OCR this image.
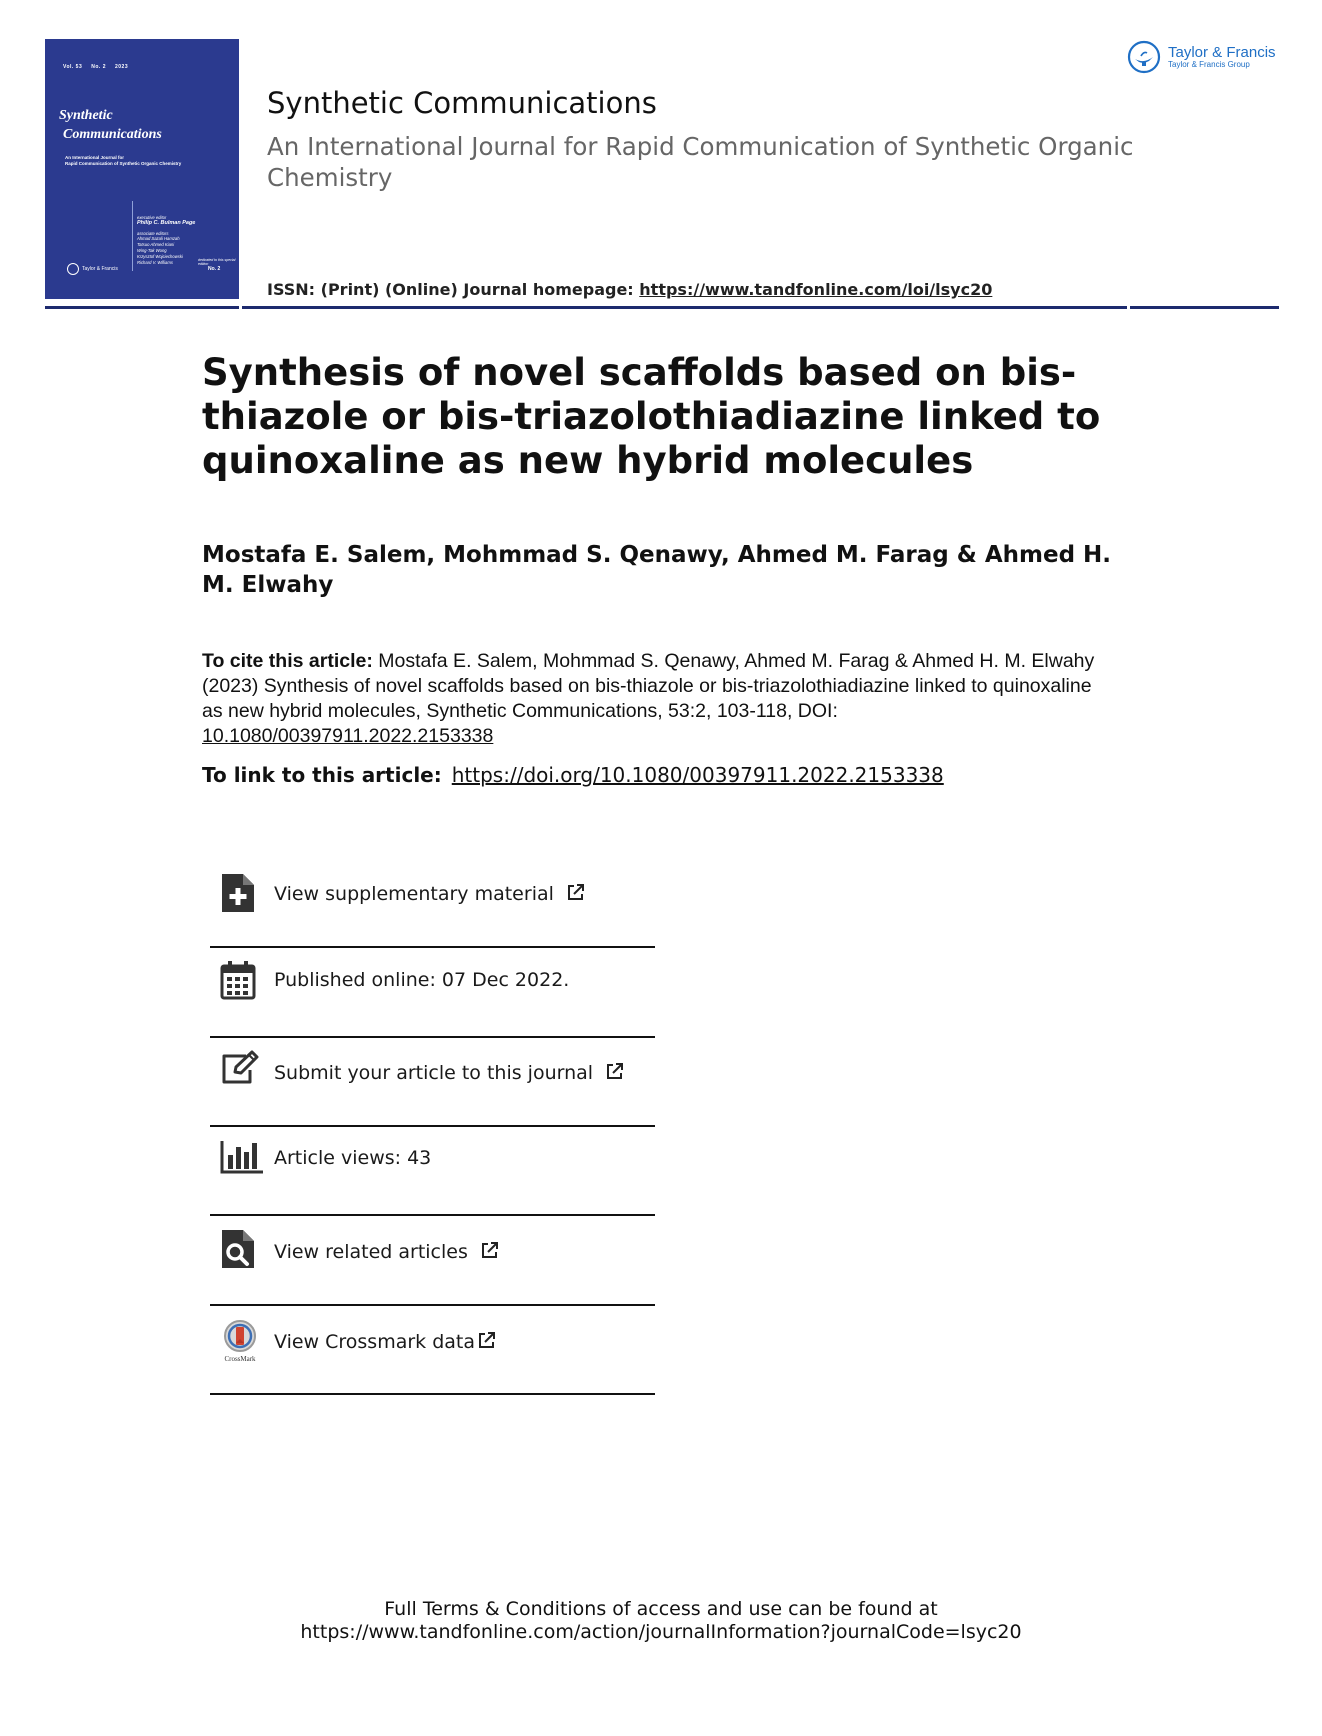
Vol. 53 No. 2 2023
Synthetic
Communications
An International Journal for
Rapid Communication of Synthetic Organic Chemistry
executive editor
Philip C. Bulman Page
associate editors
Ahmad Sazali Hamzah
Tatsuo Ahmed Kiani
Wing-Tak Wong
Krzysztof Wojciechowski
Richard V. Williams
Taylor & Francis
dedicated to this special edition
No. 2
Synthetic Communications
An International Journal for Rapid Communication of Synthetic Organic Chemistry
ISSN: (Print) (Online) Journal homepage: https://www.tandfonline.com/loi/lsyc20
Taylor & Francis
Taylor & Francis Group
Synthesis of novel scaffolds based on bis-thiazole or bis-triazolothiadiazine linked to quinoxaline as new hybrid molecules
Mostafa E. Salem, Mohmmad S. Qenawy, Ahmed M. Farag & Ahmed H. M. Elwahy
To cite this article: Mostafa E. Salem, Mohmmad S. Qenawy, Ahmed M. Farag & Ahmed H. M. Elwahy (2023) Synthesis of novel scaffolds based on bis-thiazole or bis-triazolothiadiazine linked to quinoxaline as new hybrid molecules, Synthetic Communications, 53:2, 103-118, DOI: 10.1080/00397911.2022.2153338
To link to this article: https://doi.org/10.1080/00397911.2022.2153338
View supplementary material
Published online: 07 Dec 2022.
Submit your article to this journal
Article views: 43
View related articles
CrossMark
View Crossmark data
Full Terms & Conditions of access and use can be found at
https://www.tandfonline.com/action/journalInformation?journalCode=lsyc20
